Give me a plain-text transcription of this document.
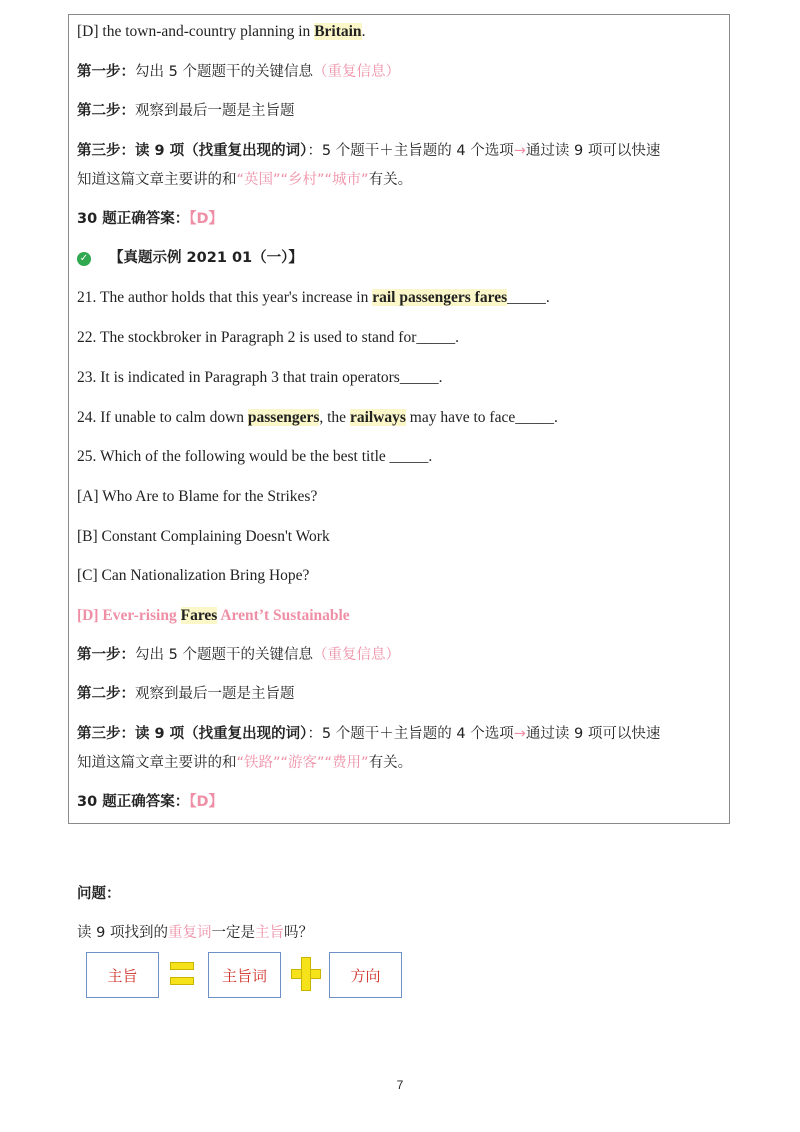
[D] the town-and-country planning in Britain.
第一步：勾出 5 个题题干的关键信息（重复信息）
第二步：观察到最后一题是主旨题
第三步：读 9 项（找重复出现的词）：5 个题干＋主旨题的 4 个选项→通过读 9 项可以快速
知道这篇文章主要讲的和“英国”“乡村”“城市”有关。
30 题正确答案：【D】
✓ 【真题示例 2021 01（一）】
21. The author holds that this year's increase in rail passengers fares_____.
22. The stockbroker in Paragraph 2 is used to stand for_____.
23. It is indicated in Paragraph 3 that train operators_____.
24. If unable to calm down passengers, the railways may have to face_____.
25. Which of the following would be the best title _____.
[A] Who Are to Blame for the Strikes?
[B] Constant Complaining Doesn't Work
[C] Can Nationalization Bring Hope?
[D] Ever-rising Fares Arent’t Sustainable
第一步：勾出 5 个题题干的关键信息（重复信息）
第二步：观察到最后一题是主旨题
第三步：读 9 项（找重复出现的词）：5 个题干＋主旨题的 4 个选项→通过读 9 项可以快速
知道这篇文章主要讲的和“铁路”“游客”“费用”有关。
30 题正确答案：【D】
问题：
读 9 项找到的重复词一定是主旨吗？
主旨	主旨词	方向
7
